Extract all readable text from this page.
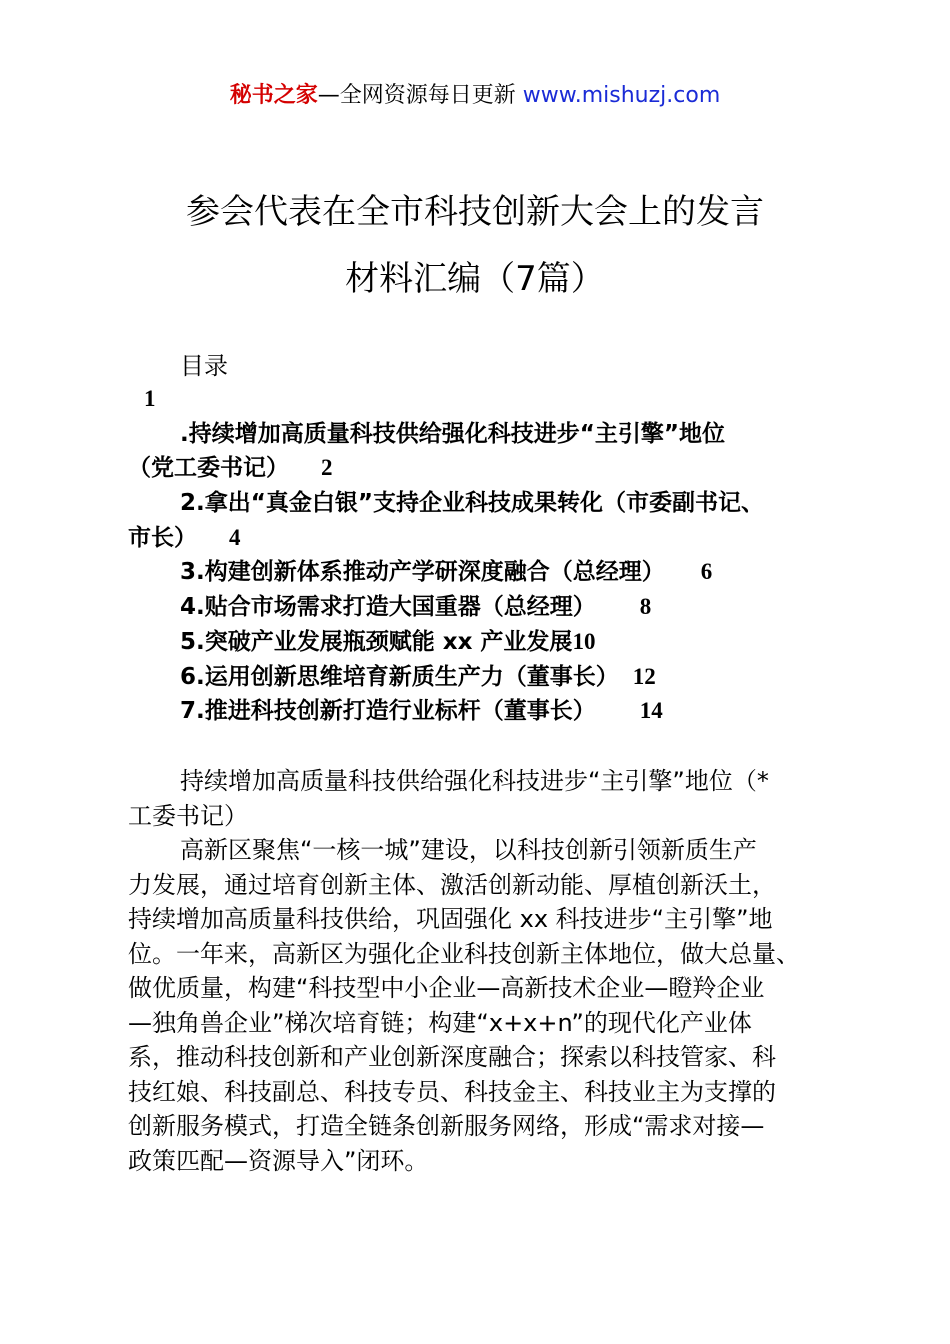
秘书之家—全网资源每日更新 www.mishuzj.com
参会代表在全市科技创新大会上的发言
材料汇编（7篇）
目录
1
.持续增加高质量科技供给强化科技进步“主引擎”地位
（党工委书记） 2
2.拿出“真金白银”支持企业科技成果转化（市委副书记、
市长） 4
3.构建创新体系推动产学研深度融合（总经理） 6
4.贴合市场需求打造大国重器（总经理） 8
5.突破产业发展瓶颈赋能 xx 产业发展10
6.运用创新思维培育新质生产力（董事长） 12
7.推进科技创新打造行业标杆（董事长） 14
持续增加高质量科技供给强化科技进步“主引擎”地位（*
工委书记）
高新区聚焦“一核一城”建设，以科技创新引领新质生产
力发展，通过培育创新主体、激活创新动能、厚植创新沃土，
持续增加高质量科技供给，巩固强化 xx 科技进步“主引擎”地
位。一年来，高新区为强化企业科技创新主体地位，做大总量、
做优质量，构建“科技型中小企业—高新技术企业—瞪羚企业
—独角兽企业”梯次培育链；构建“x+x+n”的现代化产业体
系，推动科技创新和产业创新深度融合；探索以科技管家、科
技红娘、科技副总、科技专员、科技金主、科技业主为支撑的
创新服务模式，打造全链条创新服务网络，形成“需求对接—
政策匹配—资源导入”闭环。
